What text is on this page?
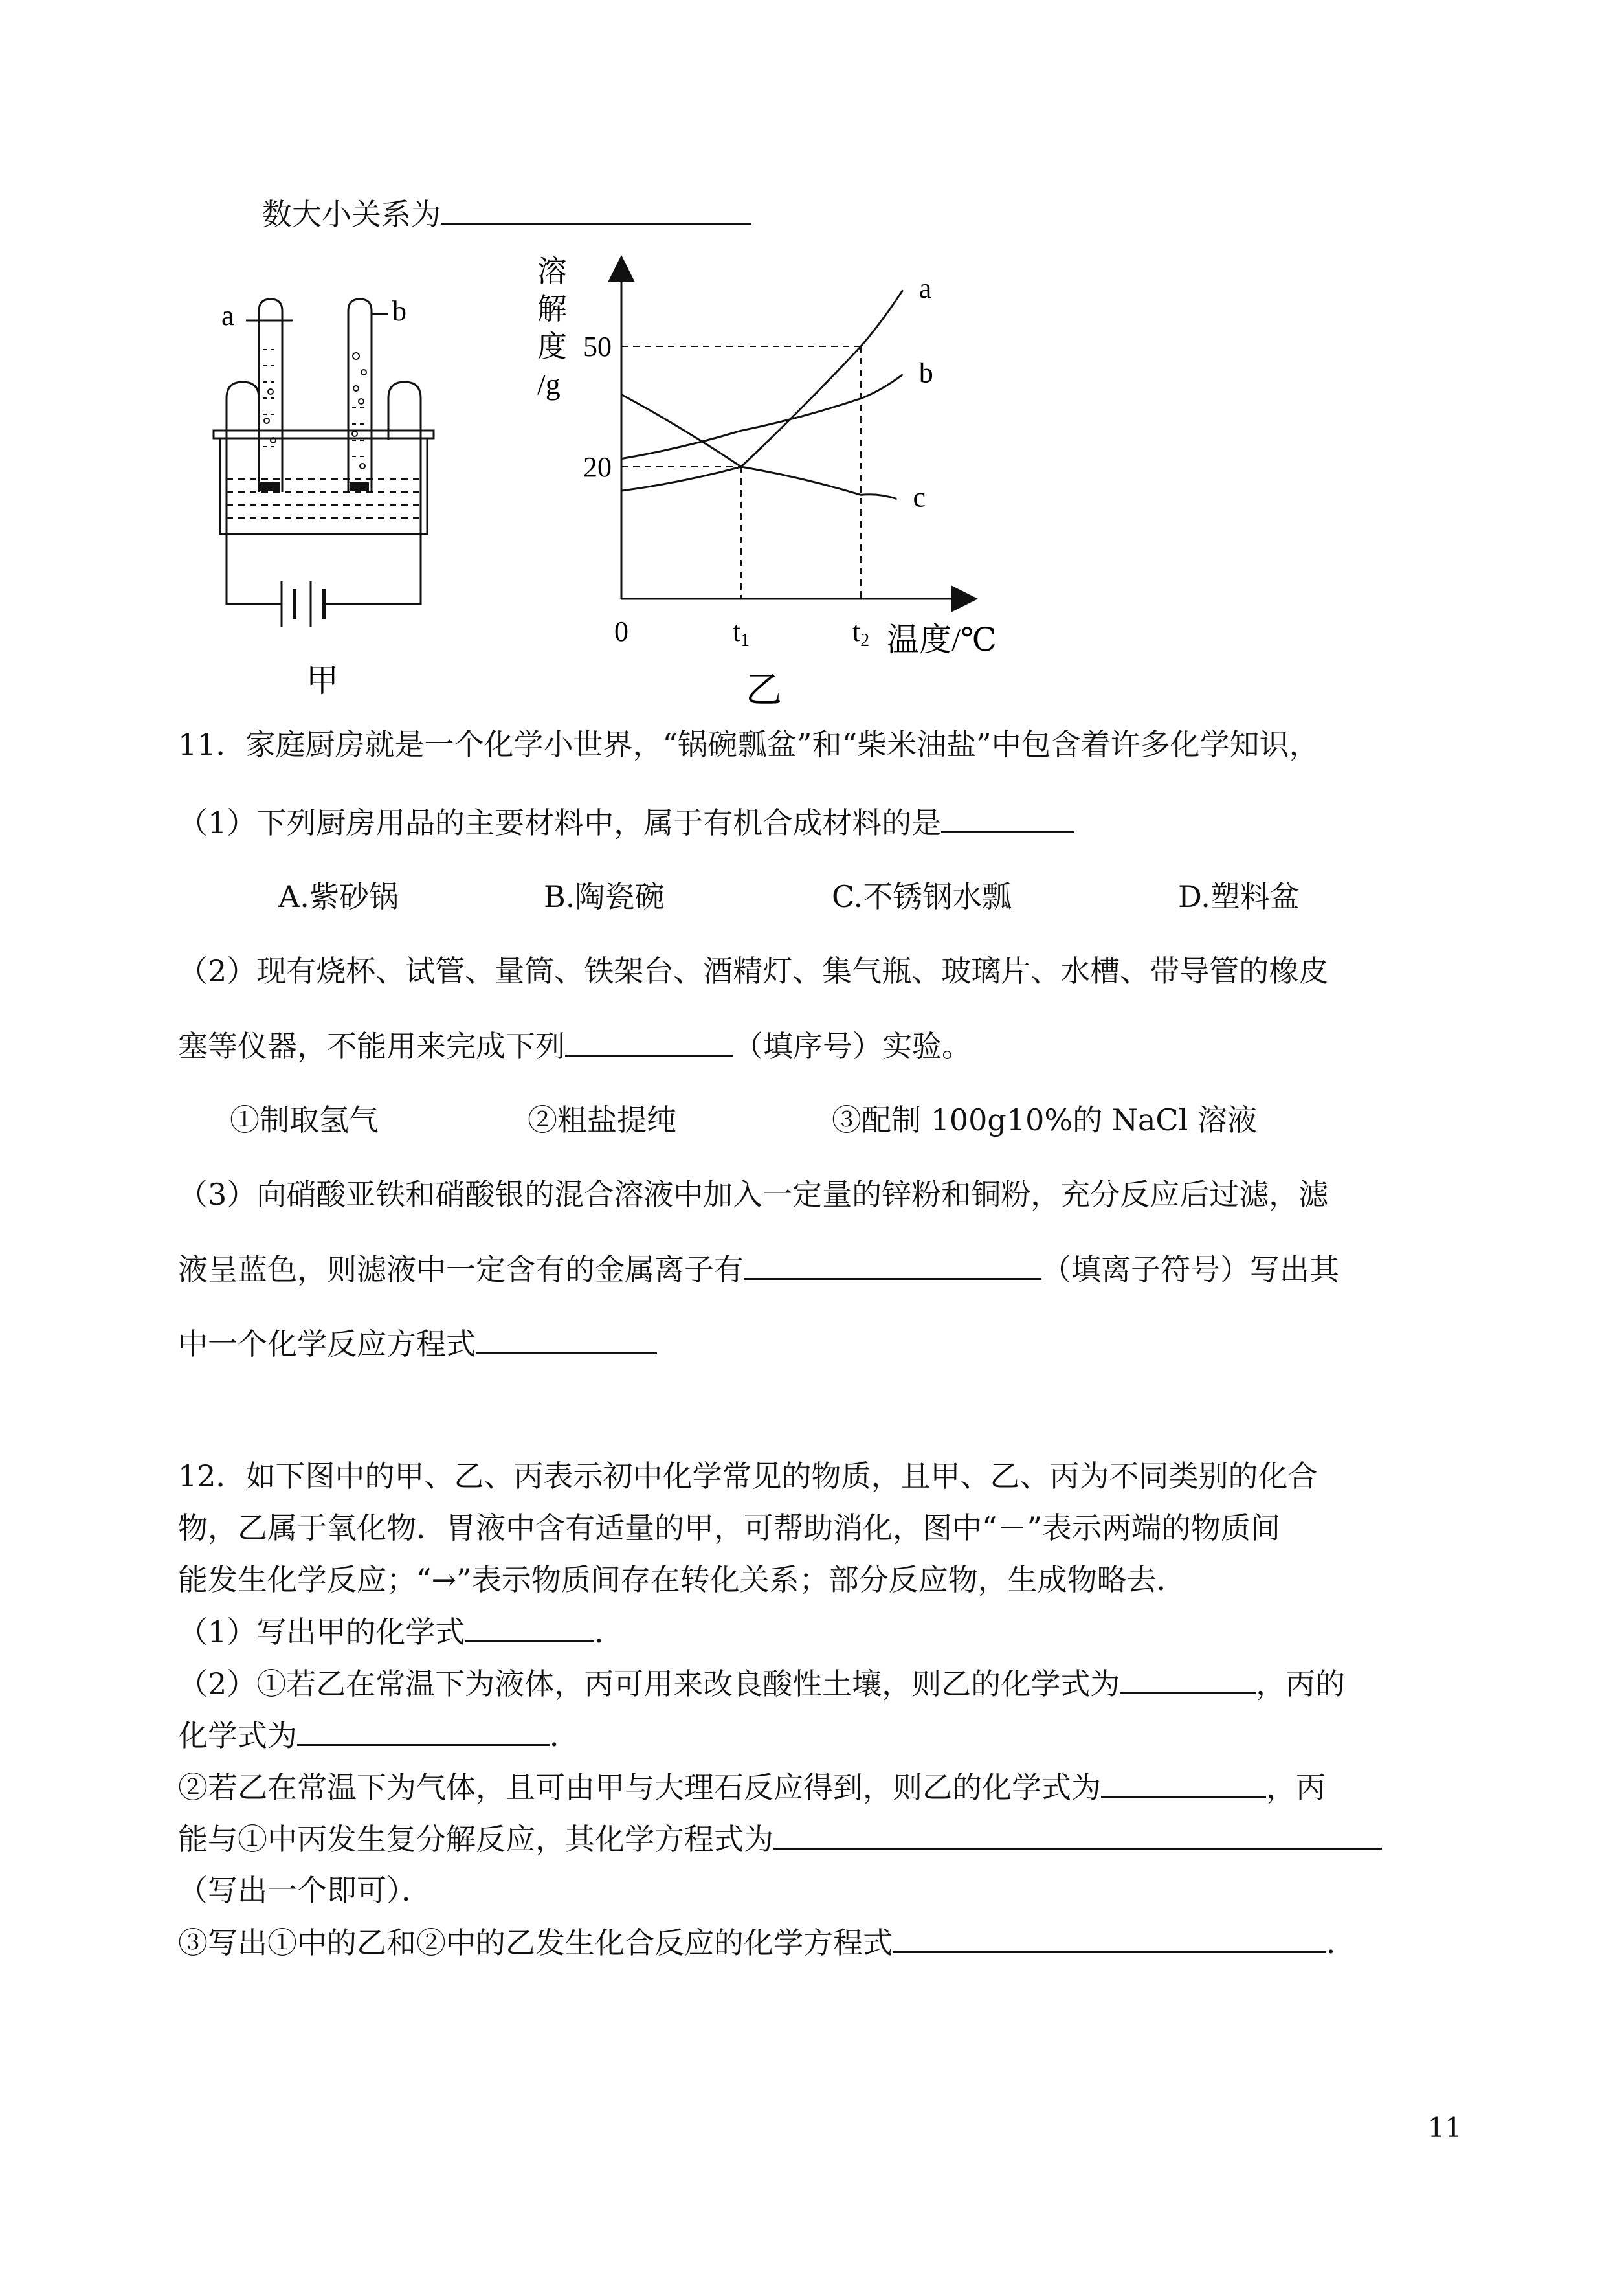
数大小关系为
a	b
甲
溶
解
度
/g
a
b
c
20
t1
50
t2
0	温度/℃
乙
11．家庭厨房就是一个化学小世界，“锅碗瓢盆”和“柴米油盐”中包含着许多化学知识，
（1）下列厨房用品的主要材料中，属于有机合成材料的是
A.紫砂锅	B.陶瓷碗	C.不锈钢水瓢	D.塑料盆
（2）现有烧杯、试管、量筒、铁架台、酒精灯、集气瓶、玻璃片、水槽、带导管的橡皮
塞等仪器，不能用来完成下列	（填序号）实验。
①制取氢气	②粗盐提纯	③配制 100g10%的 NaCl 溶液
（3）向硝酸亚铁和硝酸银的混合溶液中加入一定量的锌粉和铜粉，充分反应后过滤，滤
液呈蓝色，则滤液中一定含有的金属离子有	（填离子符号）写出其
中一个化学反应方程式
12．如下图中的甲、乙、丙表示初中化学常见的物质，且甲、乙、丙为不同类别的化合
物，乙属于氧化物．胃液中含有适量的甲，可帮助消化，图中“－”表示两端的物质间
能发生化学反应；“→”表示物质间存在转化关系；部分反应物，生成物略去．
（1）写出甲的化学式	．
（2）①若乙在常温下为液体，丙可用来改良酸性土壤，则乙的化学式为	，丙的
化学式为	．
②若乙在常温下为气体，且可由甲与大理石反应得到，则乙的化学式为	，丙
能与①中丙发生复分解反应，其化学方程式为
（写出一个即可）．
③写出①中的乙和②中的乙发生化合反应的化学方程式	．
11
